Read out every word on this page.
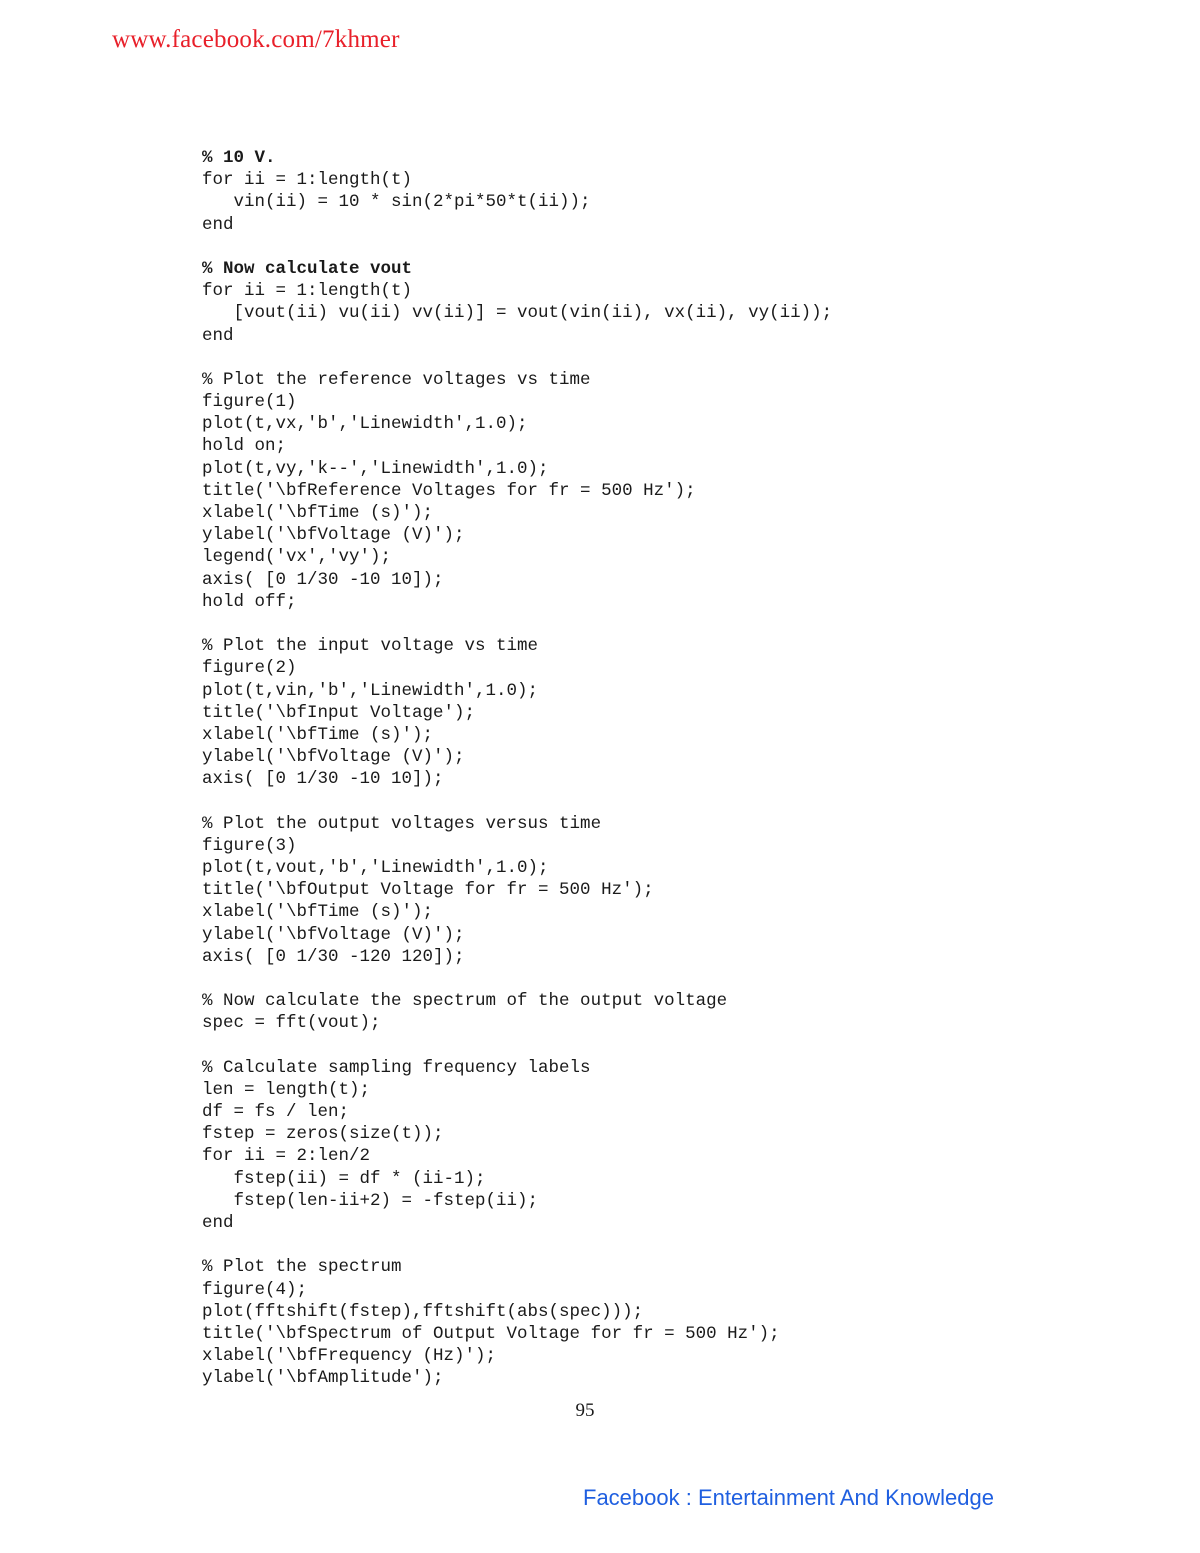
www.facebook.com/7khmer
% 10 V.
for ii = 1:length(t)
vin(ii) = 10 * sin(2*pi*50*t(ii));
end
% Now calculate vout
for ii = 1:length(t)
[vout(ii) vu(ii) vv(ii)] = vout(vin(ii), vx(ii), vy(ii));
end
% Plot the reference voltages vs time
figure(1)
plot(t,vx,'b','Linewidth',1.0);
hold on;
plot(t,vy,'k--','Linewidth',1.0);
title('\bfReference Voltages for fr = 500 Hz');
xlabel('\bfTime (s)');
ylabel('\bfVoltage (V)');
legend('vx','vy');
axis( [0 1/30 -10 10]);
hold off;
% Plot the input voltage vs time
figure(2)
plot(t,vin,'b','Linewidth',1.0);
title('\bfInput Voltage');
xlabel('\bfTime (s)');
ylabel('\bfVoltage (V)');
axis( [0 1/30 -10 10]);
% Plot the output voltages versus time
figure(3)
plot(t,vout,'b','Linewidth',1.0);
title('\bfOutput Voltage for fr = 500 Hz');
xlabel('\bfTime (s)');
ylabel('\bfVoltage (V)');
axis( [0 1/30 -120 120]);
% Now calculate the spectrum of the output voltage
spec = fft(vout);
% Calculate sampling frequency labels
len = length(t);
df = fs / len;
fstep = zeros(size(t));
for ii = 2:len/2
fstep(ii) = df * (ii-1);
fstep(len-ii+2) = -fstep(ii);
end
% Plot the spectrum
figure(4);
plot(fftshift(fstep),fftshift(abs(spec)));
title('\bfSpectrum of Output Voltage for fr = 500 Hz');
xlabel('\bfFrequency (Hz)');
ylabel('\bfAmplitude');
95
Facebook : Entertainment And Knowledge
